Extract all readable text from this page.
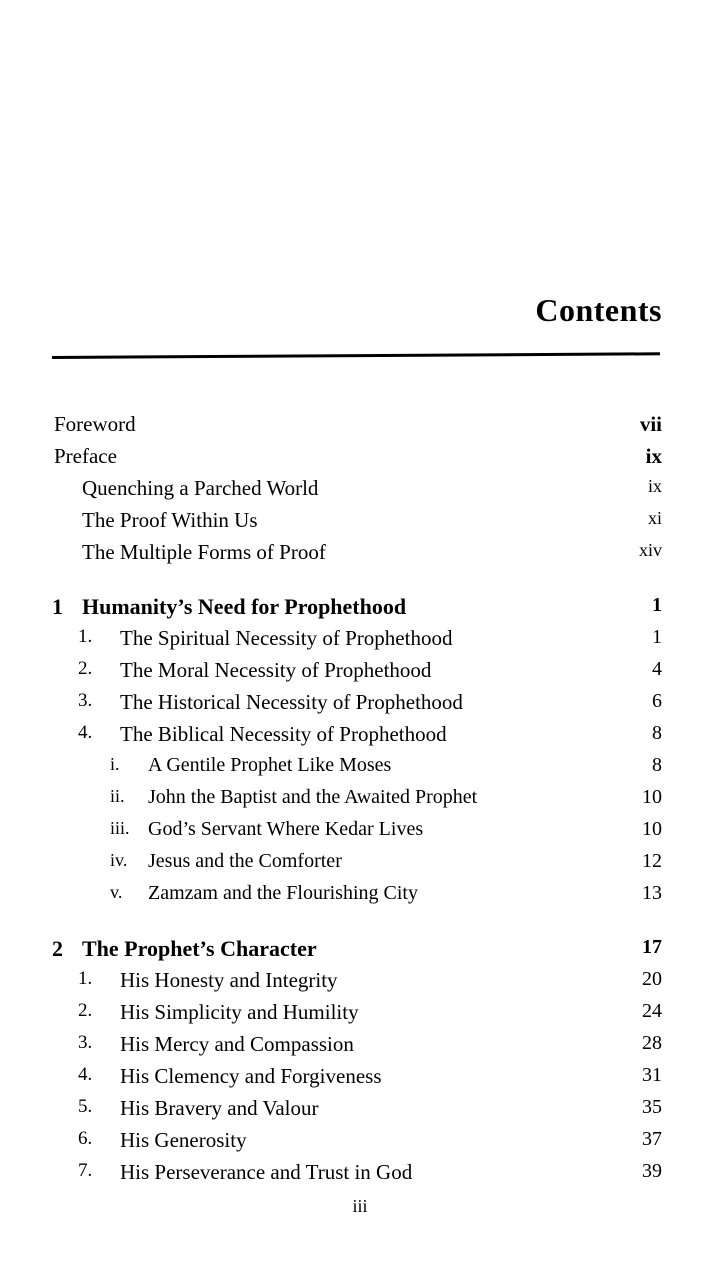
Contents
Foreword	vii
Preface	ix
Quenching a Parched World	ix
The Proof Within Us	xi
The Multiple Forms of Proof	xiv
1 Humanity’s Need for Prophethood	1
1.	The Spiritual Necessity of Prophethood	1
2.	The Moral Necessity of Prophethood	4
3.	The Historical Necessity of Prophethood	6
4.	The Biblical Necessity of Prophethood	8
i.	A Gentile Prophet Like Moses	8
ii.	John the Baptist and the Awaited Prophet	10
iii. God’s Servant Where Kedar Lives	10
iv.	Jesus and the Comforter	12
v.	Zamzam and the Flourishing City	13
2 The Prophet’s Character	17
1.	His Honesty and Integrity	20
2.	His Simplicity and Humility	24
3.	His Mercy and Compassion	28
4.	His Clemency and Forgiveness	31
5.	His Bravery and Valour	35
6.	His Generosity	37
7.	His Perseverance and Trust in God	39
iii
